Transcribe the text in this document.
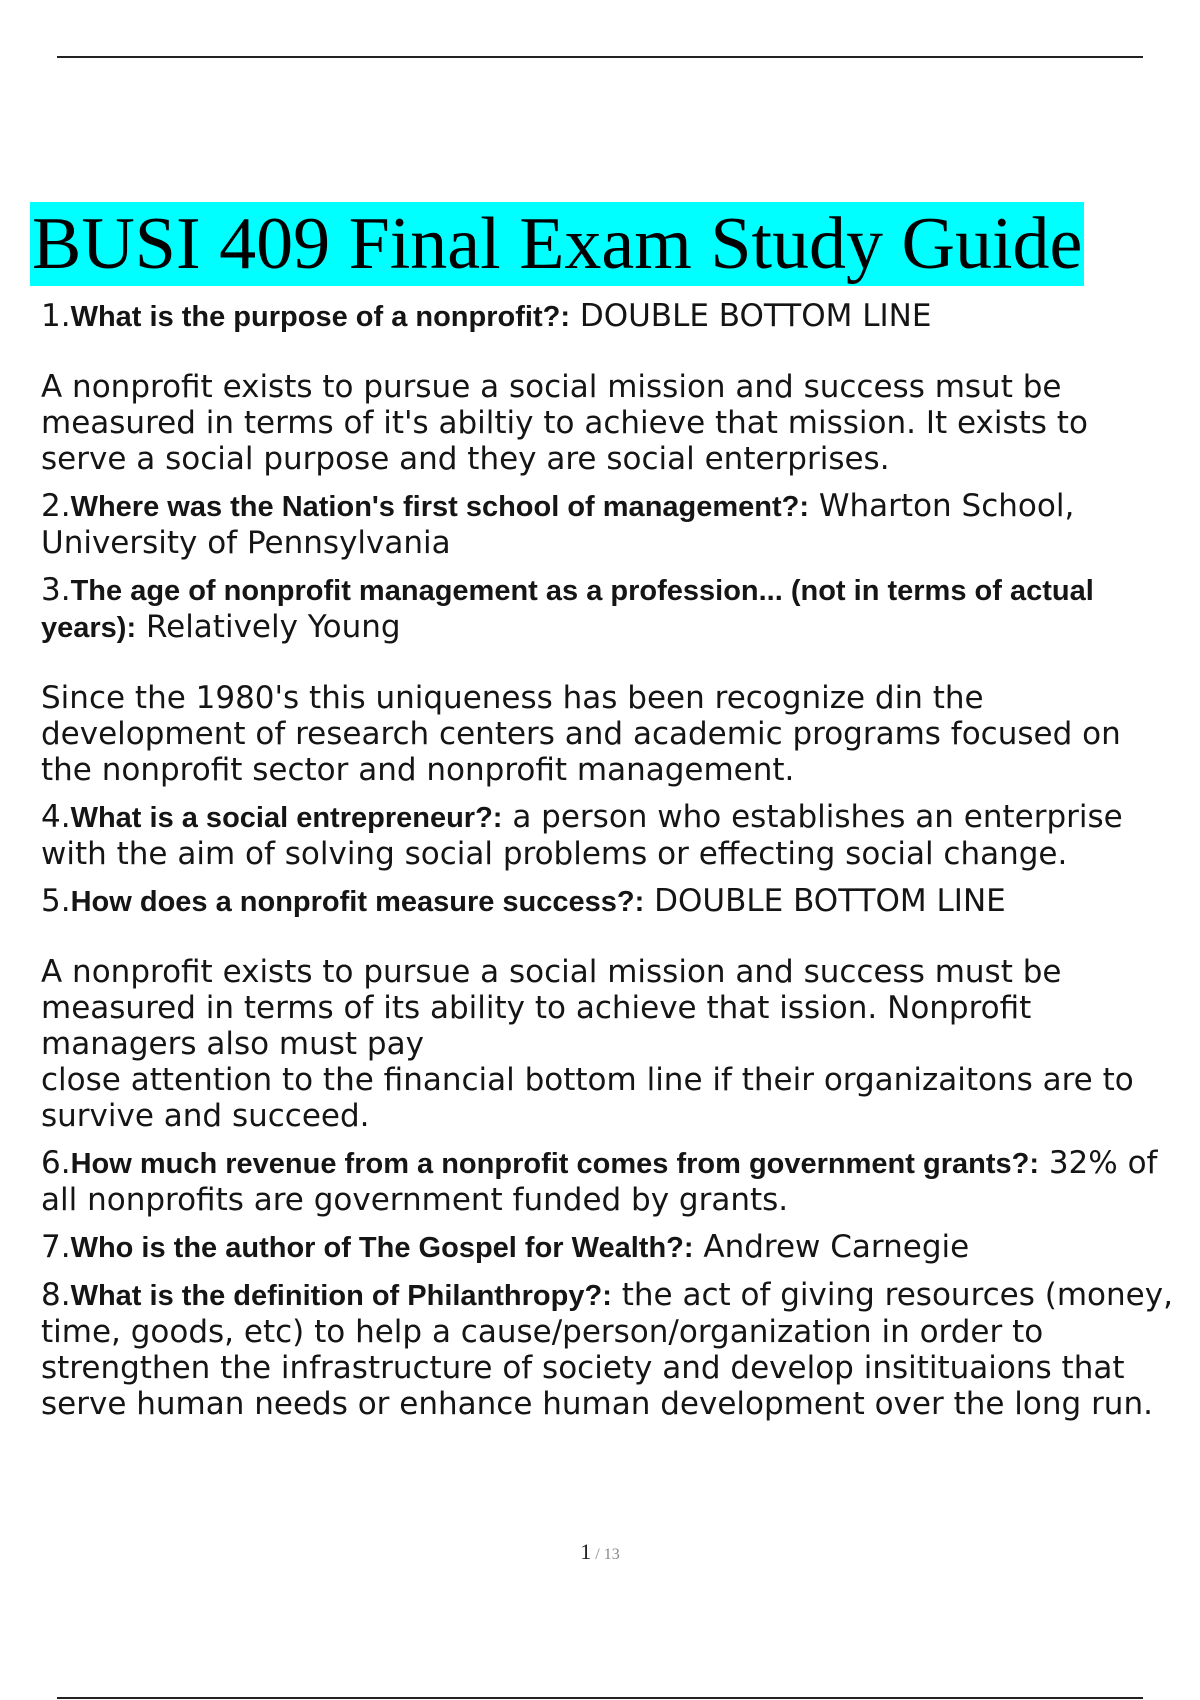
BUSI 409 Final Exam Study Guide

1.What is the purpose of a nonprofit?: DOUBLE BOTTOM LINE

A nonprofit exists to pursue a social mission and success msut be measured in terms of it's abiltiy to achieve that mission. It exists to serve a social purpose and they are social enterprises.

2.Where was the Nation's first school of management?: Wharton School, University of Pennsylvania

3.The age of nonprofit management as a profession... (not in terms of actual years): Relatively Young

Since the 1980's this uniqueness has been recognize din the development of research centers and academic programs focused on the nonprofit sector and nonprofit management.

4.What is a social entrepreneur?: a person who establishes an enterprise with the aim of solving social problems or effecting social change.

5.How does a nonprofit measure success?: DOUBLE BOTTOM LINE

A nonprofit exists to pursue a social mission and success must be measured in terms of its ability to achieve that ission. Nonprofit managers also must pay

close attention to the financial bottom line if their organizaitons are to survive and succeed.

6.How much revenue from a nonprofit comes from government grants?: 32% of all nonprofits are government funded by grants.

7.Who is the author of The Gospel for Wealth?: Andrew Carnegie

8.What is the definition of Philanthropy?: the act of giving resources (money, time, goods, etc) to help a cause/person/organization in order to strengthen the infrastructure of society and develop insitituaions that serve human needs or enhance human development over the long run.

1 / 13
